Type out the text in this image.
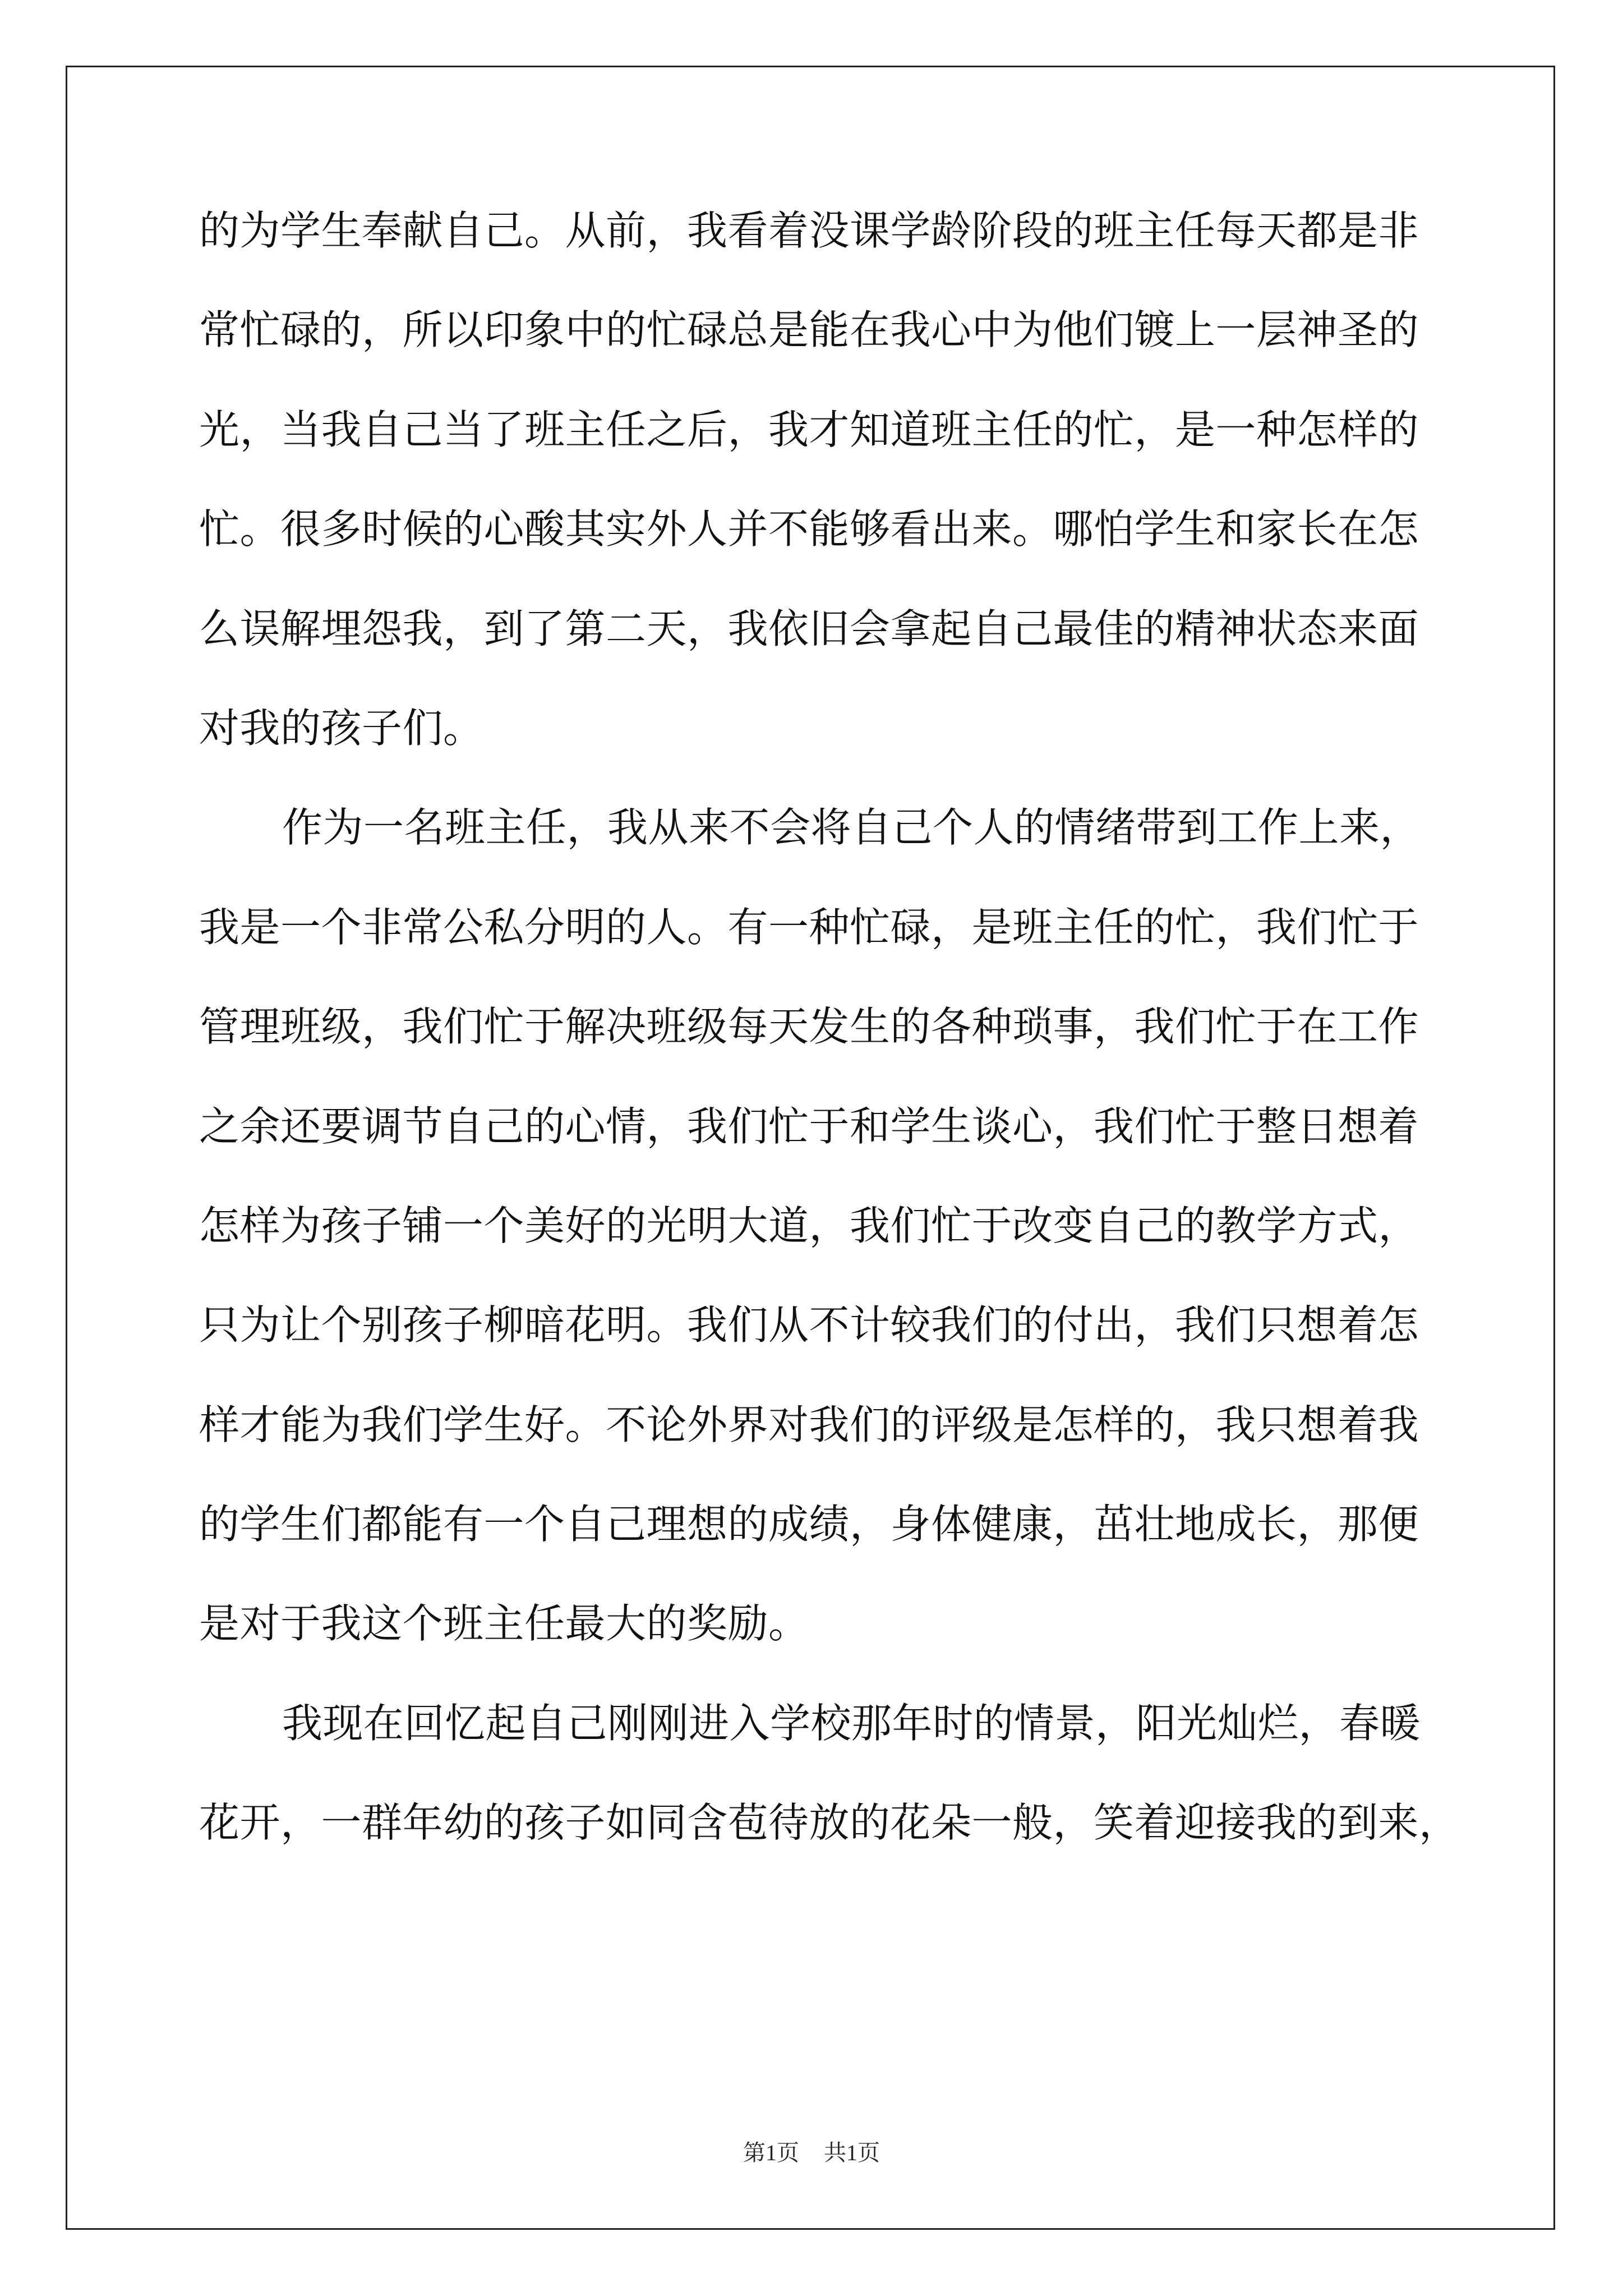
的为学生奉献自己。从前，我看着没课学龄阶段的班主任每天都是非
常忙碌的，所以印象中的忙碌总是能在我心中为他们镀上一层神圣的
光，当我自己当了班主任之后，我才知道班主任的忙，是一种怎样的
忙。很多时候的心酸其实外人并不能够看出来。哪怕学生和家长在怎
么误解埋怨我，到了第二天，我依旧会拿起自己最佳的精神状态来面
对我的孩子们。
作为一名班主任，我从来不会将自己个人的情绪带到工作上来，
我是一个非常公私分明的人。有一种忙碌，是班主任的忙，我们忙于
管理班级，我们忙于解决班级每天发生的各种琐事，我们忙于在工作
之余还要调节自己的心情，我们忙于和学生谈心，我们忙于整日想着
怎样为孩子铺一个美好的光明大道，我们忙于改变自己的教学方式，
只为让个别孩子柳暗花明。我们从不计较我们的付出，我们只想着怎
样才能为我们学生好。不论外界对我们的评级是怎样的，我只想着我
的学生们都能有一个自己理想的成绩，身体健康，茁壮地成长，那便
是对于我这个班主任最大的奖励。
我现在回忆起自己刚刚进入学校那年时的情景，阳光灿烂，春暖
花开，一群年幼的孩子如同含苞待放的花朵一般，笑着迎接我的到来，
第1页 共1页
